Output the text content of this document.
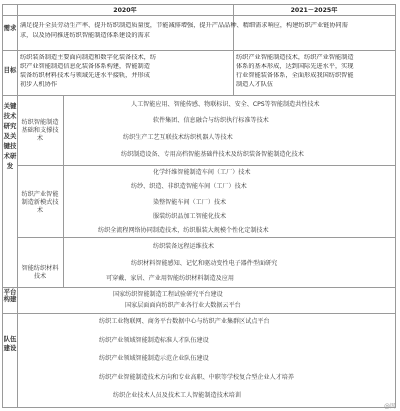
2020年	2021－2025年
需求 满足提升全员劳动生产率、提升纺织制造质量度，节能减排增强，提升产品品种、精细需求响应，构建纺织产业链协同需
求，以及协同推进纺织智能制造体系建设的需求
目标
纺织装备制造主要面向制造和数字化装备技术，纺
织产业智能制造信息化装备体系构建，智能制造
装备纺织材料技术与领域先进水平接轨，并形成
初步人机协作
纺织产业智能制造技术，纺织产业智能制造
体系的基本形成，达到国际先进水平，实现
行业智能装备体系，全面形成我国纺织智能
制造人才队伍
关键技术研究及关键技术研发
纺织智能制造基础和支撑技术
人工智能应用、智能传感、物联标识、安全、CPS等智能制造共性技术
软件集团、信息融合与纺织执行标准等技术
纺织生产工艺互联技术纺织机器人等技术
纺织制造设备、专用高档智能基础件技术及纺织装备智能制造化技术
纺织产业智能制造新模式技术
化学纤维智能制造车间（工厂）技术
纺纱、织造、非织造智能车间（工厂）技术
染整智能车间（工厂）技术
服装纺织品加工智能化技术
纺织全流程网络协同制造技术，纺织服装大规模个性化定制技术
智能纺织材料技术
纺织装备远程运维技术
纺织材料智能感知、记忆和驱动变性电子器件型面研究
可穿戴、家居、产业用智能纺织材料制造及应用
平台构建
国家纺织智能制造工程试验研究平台建设
国家层面面向纺织产业各行业大数据云平台
队伍建设
纺织工业物联网、商务平台数据中心与纺织产业集群区试点平台
纺织产业领域智能制造标准人才队伍建设
纺织产业领域智能制造示范企业队伍建设
纺织产业智能制造技术方向和专业高职、中职等学校复合型企业人才培养
纺织企业技术人员及技术工人智能制造技术培训
@网
